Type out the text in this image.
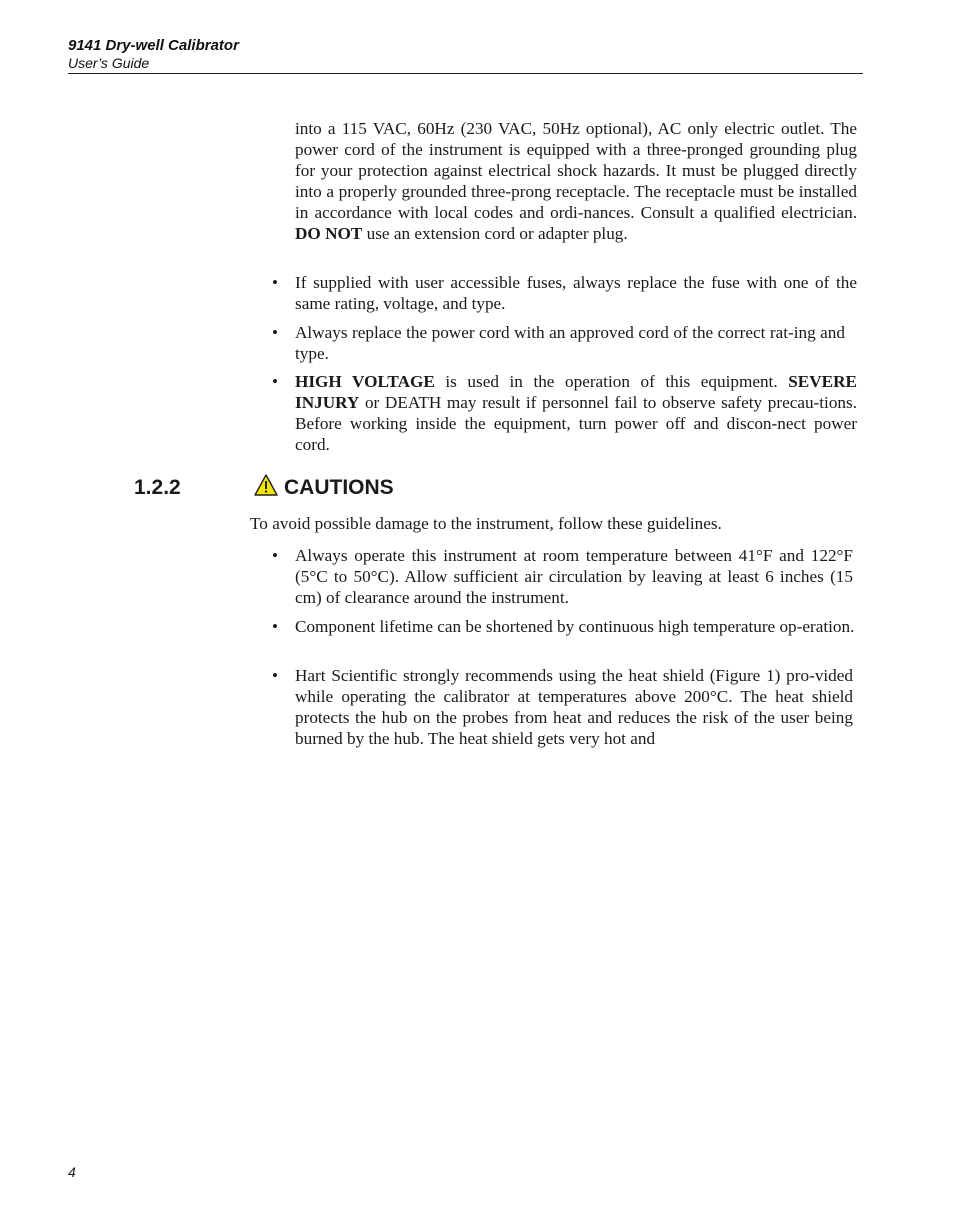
9141 Dry-well Calibrator
User’s Guide

into a 115 VAC, 60Hz (230 VAC, 50Hz optional), AC only electric outlet. The power cord of the instrument is equipped with a three-pronged grounding plug for your protection against electrical shock hazards. It must be plugged directly into a properly grounded three-prong receptacle. The receptacle must be installed in accordance with local codes and ordi-nances. Consult a qualified electrician. DO NOT use an extension cord or adapter plug.

• If supplied with user accessible fuses, always replace the fuse with one of the same rating, voltage, and type.

• Always replace the power cord with an approved cord of the correct rat-ing and type.

• HIGH VOLTAGE is used in the operation of this equipment. SEVERE INJURY or DEATH may result if personnel fail to observe safety precau-tions. Before working inside the equipment, turn power off and discon-nect power cord.

1.2.2	CAUTIONS

To avoid possible damage to the instrument, follow these guidelines.

• Always operate this instrument at room temperature between 41°F and 122°F (5°C to 50°C). Allow sufficient air circulation by leaving at least 6 inches (15 cm) of clearance around the instrument.

• Component lifetime can be shortened by continuous high temperature op-eration.

• Hart Scientific strongly recommends using the heat shield (Figure 1) pro-vided while operating the calibrator at temperatures above 200°C. The heat shield protects the hub on the probes from heat and reduces the risk of the user being burned by the hub. The heat shield gets very hot and

4
